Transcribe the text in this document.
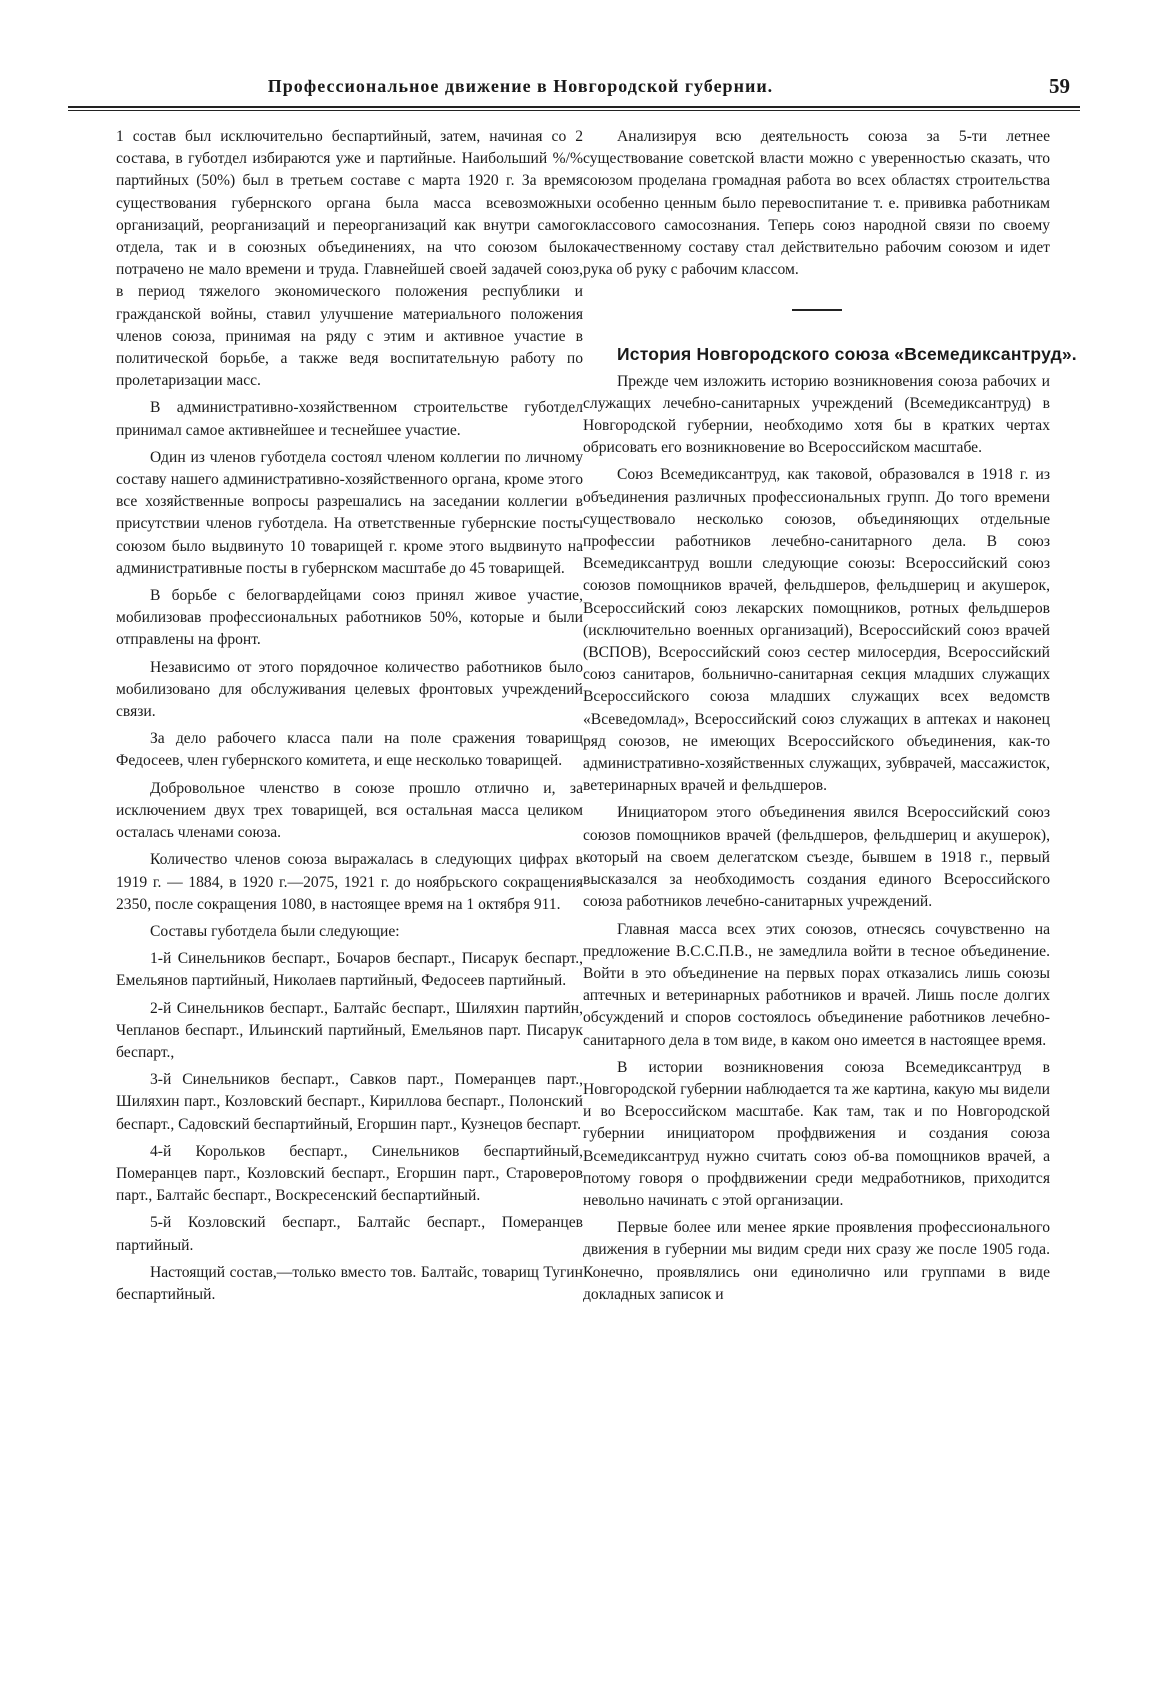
Профессиональное движение в Новгородской губернии.	59

1 состав был исключительно беспартийный, затем, начиная со 2 состава, в губотдел избираются уже и партийные. Наибольший %/% партийных (50%) был в третьем составе с марта 1920 г. За время существования губернского органа была масса всевозможных организаций, реорганизаций и переорганизаций как внутри самого отдела, так и в союзных объединениях, на что союзом было потрачено не мало времени и труда. Главнейшей своей задачей союз, в период тяжелого экономического положения республики и гражданской войны, ставил улучшение материального положения членов союза, принимая на ряду с этим и активное участие в политической борьбе, а также ведя воспитательную работу по пролетаризации масс.

В административно-хозяйственном строительстве губотдел принимал самое активнейшее и теснейшее участие.

Один из членов губотдела состоял членом коллегии по личному составу нашего административно-хозяйственного органа, кроме этого все хозяйственные вопросы разрешались на заседании коллегии в присутствии членов губотдела. На ответственные губернские посты союзом было выдвинуто 10 товарищей г. кроме этого выдвинуто на административные посты в губернском масштабе до 45 товарищей.

В борьбе с белогвардейцами союз принял живое участие, мобилизовав профессиональных работников 50%, которые и были отправлены на фронт.

Независимо от этого порядочное количество работников было мобилизовано для обслуживания целевых фронтовых учреждений связи.

За дело рабочего класса пали на поле сражения товарищ Федосеев, член губернского комитета, и еще несколько товарищей.

Добровольное членство в союзе прошло отлично и, за исключением двух трех товарищей, вся остальная масса целиком осталась членами союза.

Количество членов союза выражалась в следующих цифрах в 1919 г. — 1884, в 1920 г.—2075, 1921 г. до ноябрьского сокращения 2350, после сокращения 1080, в настоящее время на 1 октября 911.

Составы губотдела были следующие:

1-й Синельников беспарт., Бочаров беспарт., Писарук беспарт., Емельянов партийный, Николаев партийный, Федосеев партийный.

2-й Синельников беспарт., Балтайс беспарт., Шиляхин партийн, Чепланов беспарт., Ильинский партийный, Емельянов парт. Писарук беспарт.,

3-й Синельников беспарт., Савков парт., Померанцев парт., Шиляхин парт., Козловский беспарт., Кириллова беспарт., Полонский беспарт., Садовский беспартийный, Егоршин парт., Кузнецов беспарт.

4-й Корольков беспарт., Синельников беспартийный, Померанцев парт., Козловский беспарт., Егоршин парт., Староверов парт., Балтайс беспарт., Воскресенский беспартийный.

5-й Козловский беспарт., Балтайс беспарт., Померанцев партийный.

Настоящий состав,—только вместо тов. Балтайс, товарищ Тугин беспартийный.

Анализируя всю деятельность союза за 5-ти летнее существование советской власти можно с уверенностью сказать, что союзом проделана громадная работа во всех областях строительства и особенно ценным было перевоспитание т. е. прививка работникам классового самосознания. Теперь союз народной связи по своему качественному составу стал действительно рабочим союзом и идет рука об руку с рабочим классом.

История Новгородского союза «Всемедиксантруд».

Прежде чем изложить историю возникновения союза рабочих и служащих лечебно-санитарных учреждений (Всемедиксантруд) в Новгородской губернии, необходимо хотя бы в кратких чертах обрисовать его возникновение во Всероссийском масштабе.

Союз Всемедиксантруд, как таковой, образовался в 1918 г. из объединения различных профессиональных групп. До того времени существовало несколько союзов, объединяющих отдельные профессии работников лечебно-санитарного дела. В союз Всемедиксантруд вошли следующие союзы: Всероссийский союз союзов помощников врачей, фельдшеров, фельдшериц и акушерок, Всероссийский союз лекарских помощников, ротных фельдшеров (исключительно военных организаций), Всероссийский союз врачей (ВСПОВ), Всероссийский союз сестер милосердия, Всероссийский союз санитаров, больнично-санитарная секция младших служащих Всероссийского союза младших служащих всех ведомств «Всеведомлад», Всероссийский союз служащих в аптеках и наконец ряд союзов, не имеющих Всероссийского объединения, как-то административно-хозяйственных служащих, зубврачей, массажисток, ветеринарных врачей и фельдшеров.

Инициатором этого объединения явился Всероссийский союз союзов помощников врачей (фельдшеров, фельдшериц и акушерок), который на своем делегатском съезде, бывшем в 1918 г., первый высказался за необходимость создания единого Всероссийского союза работников лечебно-санитарных учреждений.

Главная масса всех этих союзов, отнесясь сочувственно на предложение В.С.С.П.В., не замедлила войти в тесное объединение. Войти в это объединение на первых порах отказались лишь союзы аптечных и ветеринарных работников и врачей. Лишь после долгих обсуждений и споров состоялось объединение работников лечебно-санитарного дела в том виде, в каком оно имеется в настоящее время.

В истории возникновения союза Всемедиксантруд в Новгородской губернии наблюдается та же картина, какую мы видели и во Всероссийском масштабе. Как там, так и по Новгородской губернии инициатором профдвижения и создания союза Всемедиксантруд нужно считать союз об-ва помощников врачей, а потому говоря о профдвижении среди медработников, приходится невольно начинать с этой организации.

Первые более или менее яркие проявления профессионального движения в губернии мы видим среди них сразу же после 1905 года. Конечно, проявлялись они единолично или группами в виде докладных записок и
